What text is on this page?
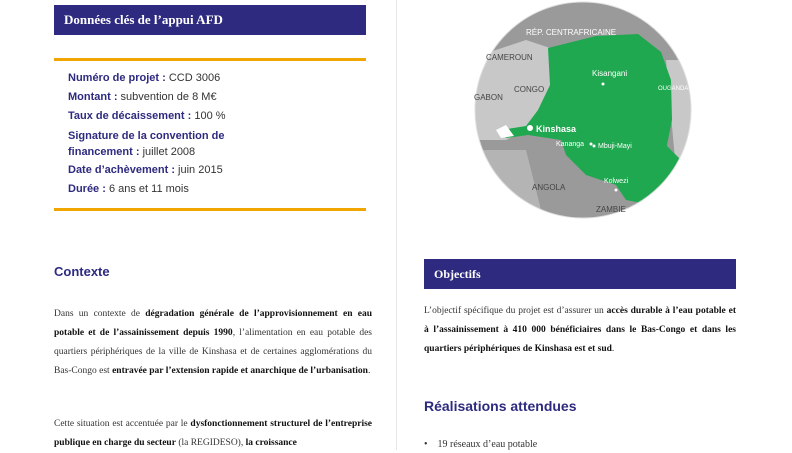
Données clés de l’appui AFD
Numéro de projet : CCD 3006
Montant : subvention de 8 M€
Taux de décaissement : 100 %
Signature de la convention de financement : juillet 2008
Date d’achèvement : juin 2015
Durée : 6 ans et 11 mois
Contexte

Dans un contexte de dégradation générale de l’approvisionnement en eau potable et de l’assainissement depuis 1990, l’alimentation en eau potable des quartiers périphériques de la ville de Kinshasa et de certaines agglomérations du Bas-Congo est entravée par l’extension rapide et anarchique de l’urbanisation.

Cette situation est accentuée par le dysfonctionnement structurel de l’entreprise publique en charge du secteur (la REGIDESO), la croissance

RÉP. CENTRAFRICAINE
CAMEROUN
CONGO
GABON
Kisangani
OUGANDA
Kinshasa
Kananga Mbuji-Mayi
Kolwezi
ANGOLA
ZAMBIE
Objectifs

L’objectif spécifique du projet est d’assurer un accès durable à l’eau potable et à l’assainissement à 410 000 bénéficiaires dans le Bas-Congo et dans les quartiers périphériques de Kinshasa est et sud.

Réalisations attendues
• 19 réseaux d’eau potable
